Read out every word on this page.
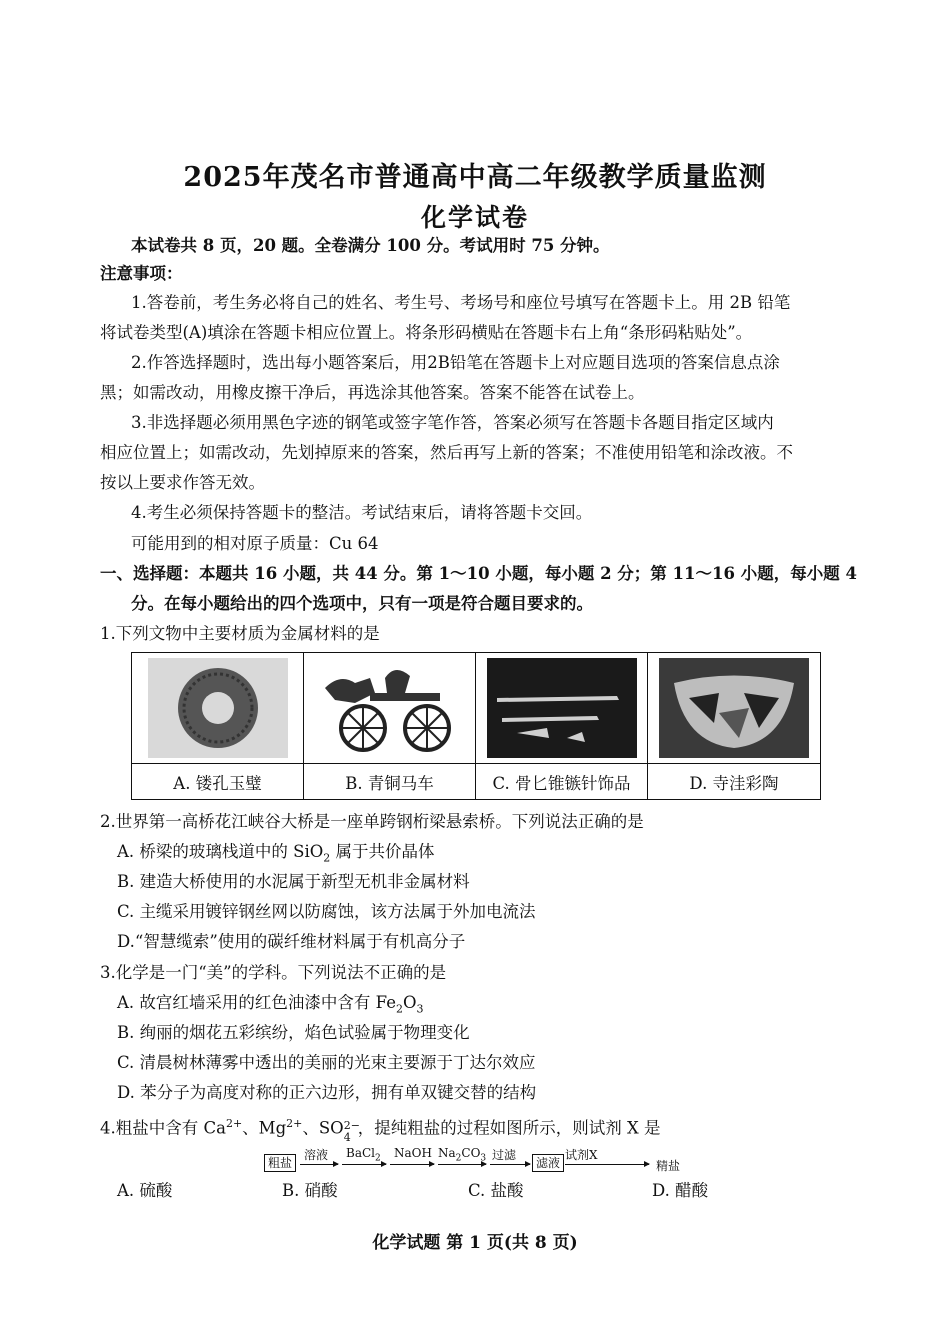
2025年茂名市普通高中高二年级教学质量监测
化学试卷
本试卷共 8 页，20 题。全卷满分 100 分。考试用时 75 分钟。
注意事项：
1.答卷前，考生务必将自己的姓名、考生号、考场号和座位号填写在答题卡上。用 2B 铅笔
将试卷类型(A)填涂在答题卡相应位置上。将条形码横贴在答题卡右上角“条形码粘贴处”。
2.作答选择题时，选出每小题答案后，用2B铅笔在答题卡上对应题目选项的答案信息点涂
黑；如需改动，用橡皮擦干净后，再选涂其他答案。答案不能答在试卷上。
3.非选择题必须用黑色字迹的钢笔或签字笔作答，答案必须写在答题卡各题目指定区域内
相应位置上；如需改动，先划掉原来的答案，然后再写上新的答案；不准使用铅笔和涂改液。不
按以上要求作答无效。
4.考生必须保持答题卡的整洁。考试结束后，请将答题卡交回。
可能用到的相对原子质量：Cu 64
一、选择题：本题共 16 小题，共 44 分。第 1～10 小题，每小题 2 分；第 11～16 小题，每小题 4
分。在每小题给出的四个选项中，只有一项是符合题目要求的。
1.下列文物中主要材质为金属材料的是
A. 镂孔玉璧	B. 青铜马车	C. 骨匕锥镞针饰品	D. 寺洼彩陶
2.世界第一高桥花江峡谷大桥是一座单跨钢桁梁悬索桥。下列说法正确的是
A. 桥梁的玻璃栈道中的 SiO$_2$ 属于共价晶体
B. 建造大桥使用的水泥属于新型无机非金属材料
C. 主缆采用镀锌钢丝网以防腐蚀，该方法属于外加电流法
D.“智慧缆索”使用的碳纤维材料属于有机高分子
3.化学是一门“美”的学科。下列说法不正确的是
A. 故宫红墙采用的红色油漆中含有 $Fe_2O_3$
B. 绚丽的烟花五彩缤纷，焰色试验属于物理变化
C. 清晨树林薄雾中透出的美丽的光束主要源于丁达尔效应
D. 苯分子为高度对称的正六边形，拥有单双键交替的结构
4.粗盐中含有 $Ca^{2+}$、$Mg^{2+}$、SO 2−
4 ，提纯粗盐的过程如图所示，则试剂 X 是
粗盐
溶液 BaCl$_2$ NaOH $Na_2CO_3$ 过滤
滤液
试剂X
精盐
A. 硫酸	B. 硝酸	C. 盐酸	D. 醋酸
化学试题 第 1 页(共 8 页)
